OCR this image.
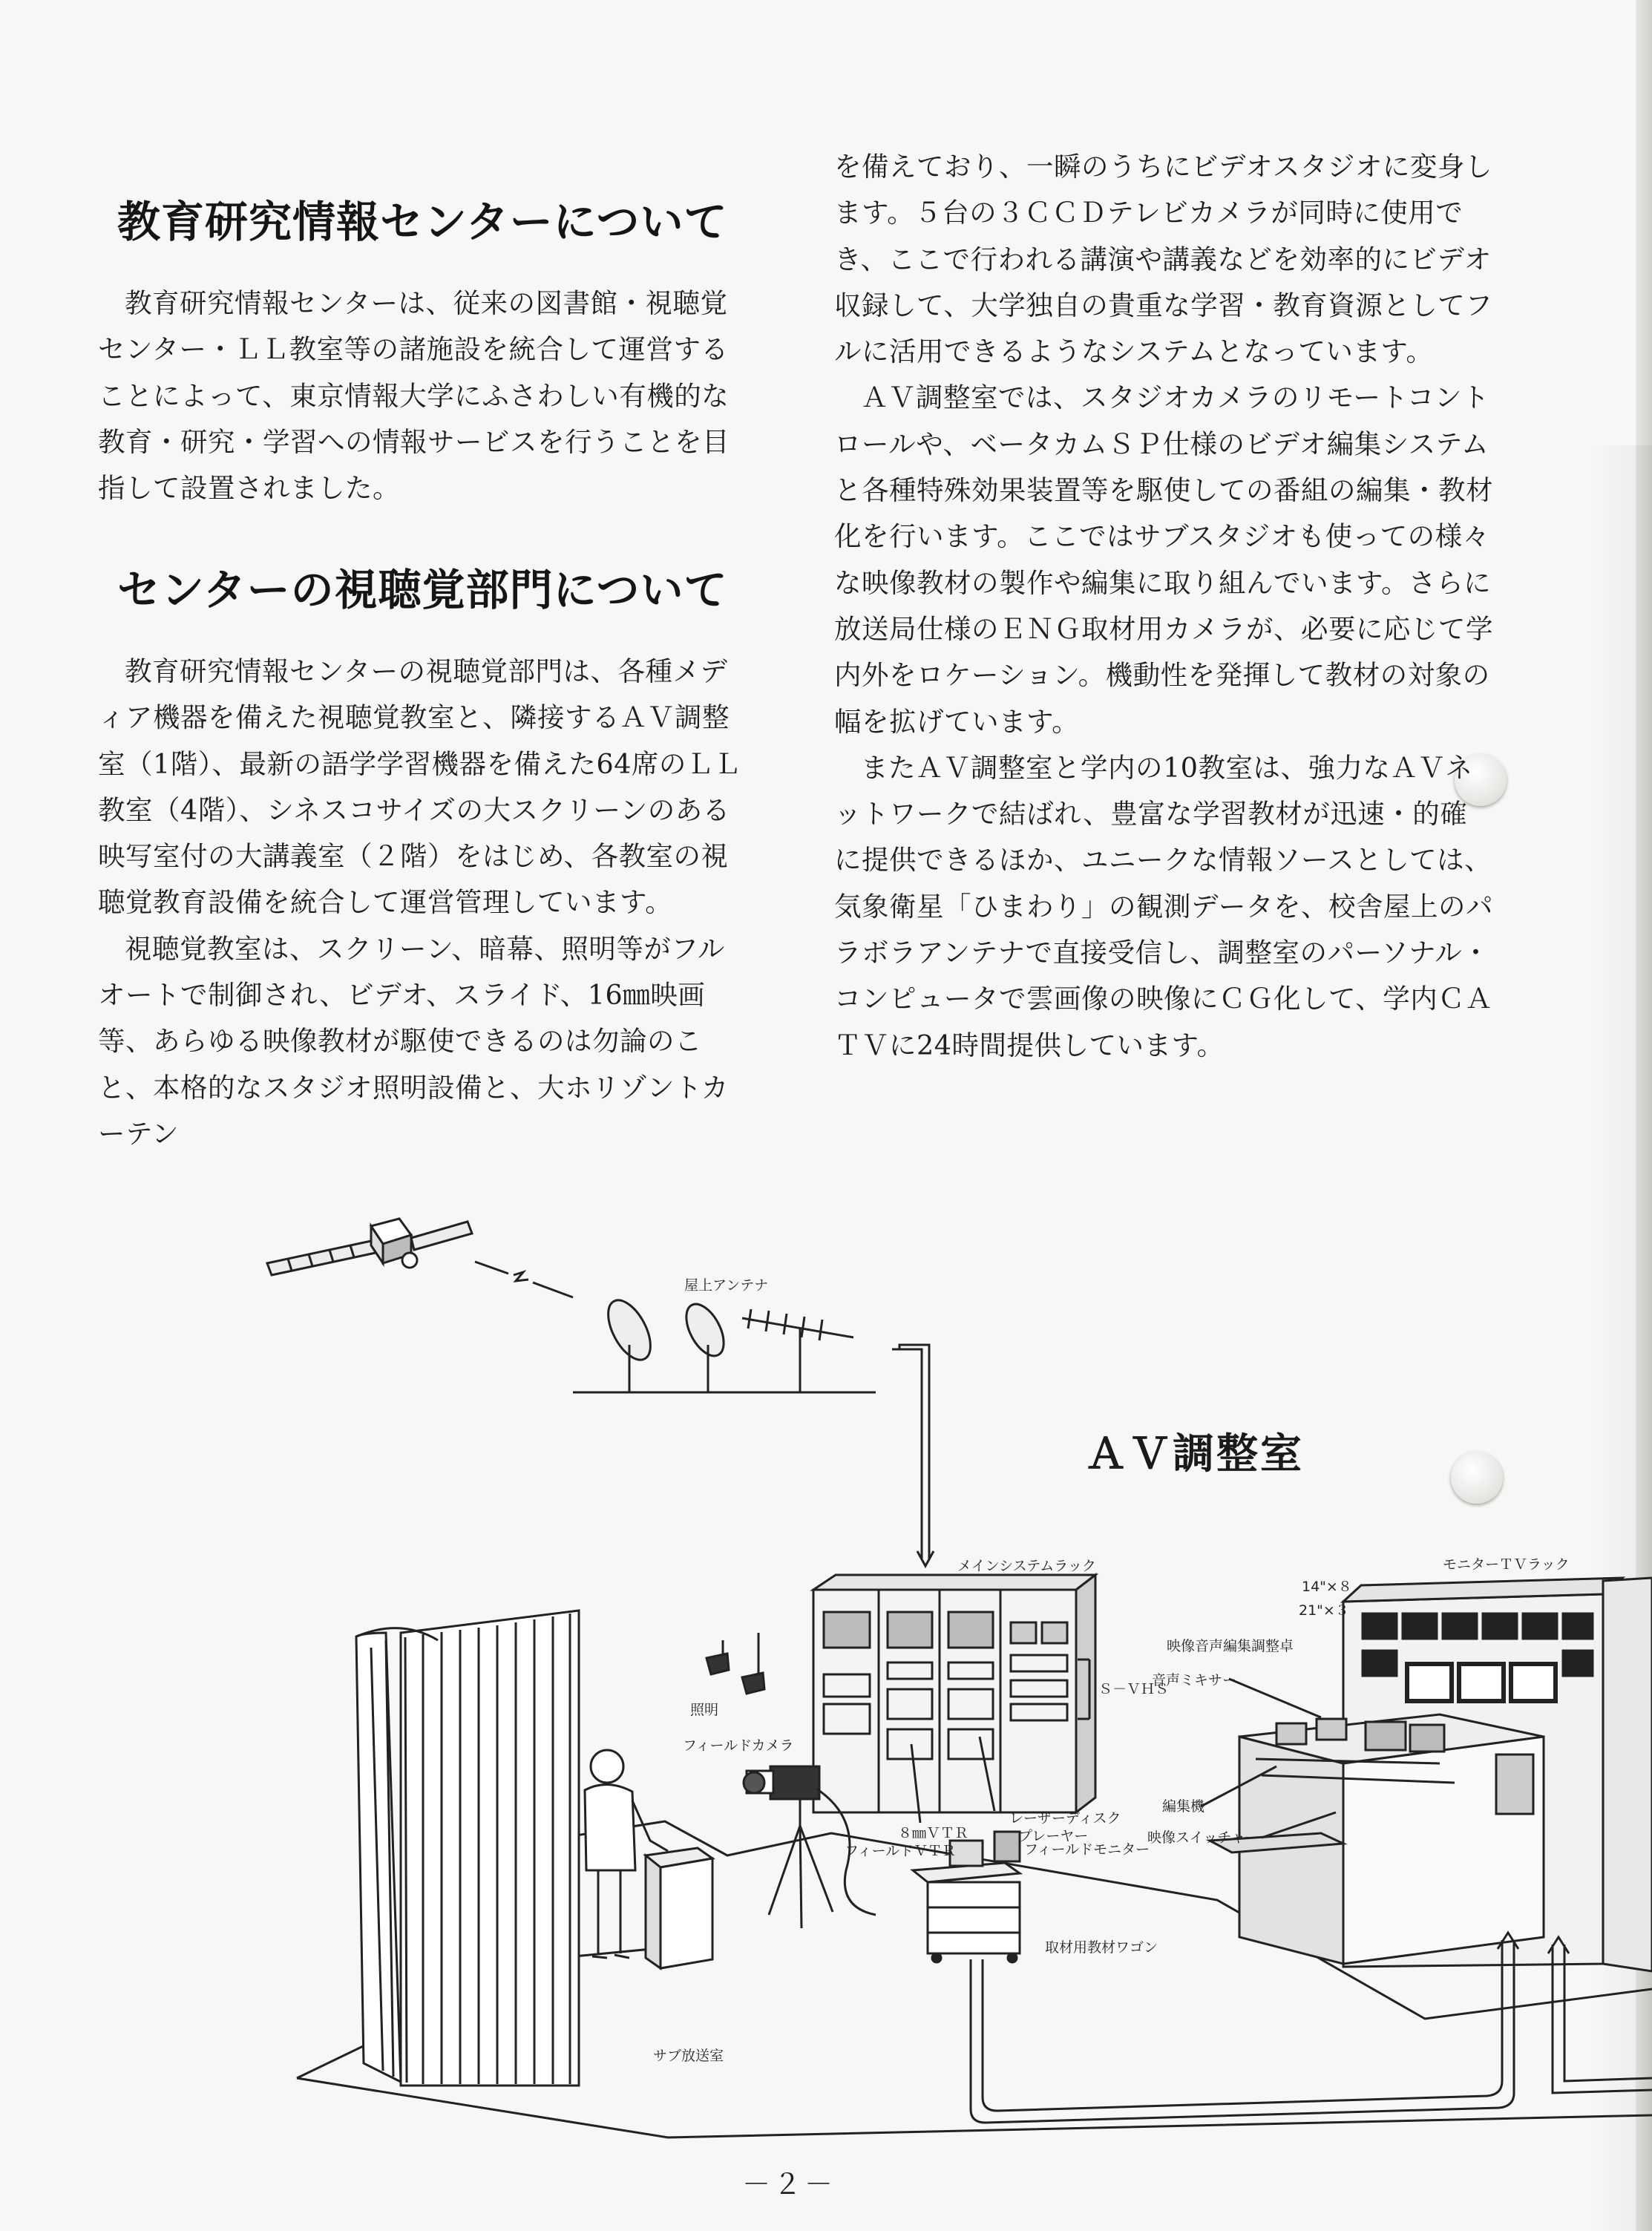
教育研究情報センターについて

教育研究情報センターは、従来の図書館・視聴覚センター・ＬＬ教室等の諸施設を統合して運営することによって、東京情報大学にふさわしい有機的な教育・研究・学習への情報サービスを行うことを目指して設置されました。

センターの視聴覚部門について

教育研究情報センターの視聴覚部門は、各種メディア機器を備えた視聴覚教室と、隣接するＡＶ調整室（1階）、最新の語学学習機器を備えた64席のＬＬ教室（4階）、シネスコサイズの大スクリーンのある映写室付の大講義室（２階）をはじめ、各教室の視聴覚教育設備を統合して運営管理しています。

視聴覚教室は、スクリーン、暗幕、照明等がフルオートで制御され、ビデオ、スライド、16㎜映画等、あらゆる映像教材が駆使できるのは勿論のこと、本格的なスタジオ照明設備と、大ホリゾントカーテン

を備えており、一瞬のうちにビデオスタジオに変身します。５台の３ＣＣＤテレビカメラが同時に使用でき、ここで行われる講演や講義などを効率的にビデオ収録して、大学独自の貴重な学習・教育資源としてフルに活用できるようなシステムとなっています。

ＡＶ調整室では、スタジオカメラのリモートコントロールや、ベータカムＳＰ仕様のビデオ編集システムと各種特殊効果装置等を駆使しての番組の編集・教材化を行います。ここではサブスタジオも使っての様々な映像教材の製作や編集に取り組んでいます。さらに放送局仕様のＥＮＧ取材用カメラが、必要に応じて学内外をロケーション。機動性を発揮して教材の対象の幅を拡げています。

またＡＶ調整室と学内の10教室は、強力なＡＶネットワークで結ばれ、豊富な学習教材が迅速・的確に提供できるほか、ユニークな情報ソースとしては、気象衛星「ひまわり」の観測データを、校舎屋上のパラボラアンテナで直接受信し、調整室のパーソナル・コンピュータで雲画像の映像にＣＧ化して、学内ＣＡＴＶに24時間提供しています。

ＡＶ調整室
屋上アンテナ
メインシステムラック
Ｓ－ＶＨＳ
照明
サブ放送室
フィールドカメラ
フィールドＶＴＲ	フィールドモニター
取材用教材ワゴン
８㎜ＶＴＲ
レーザーディスク
プレーヤー
モニターＴＶラック
14"×８
21"×３
映像音声編集調整卓
音声ミキサー
編集機
映像スイッチャー
－２－
